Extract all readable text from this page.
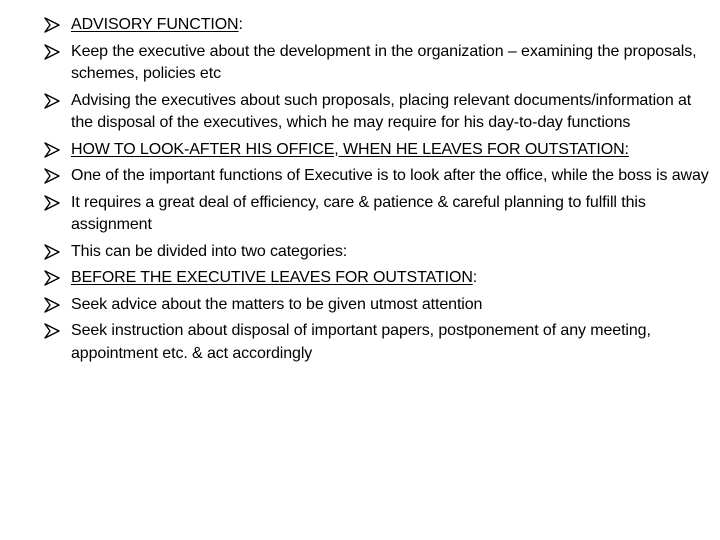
ADVISORY FUNCTION:
Keep the executive about the development in the organization – examining the proposals, schemes, policies etc
Advising the executives about such proposals, placing relevant documents/information at the disposal of the executives, which he may require for his day-to-day functions
HOW TO LOOK-AFTER HIS OFFICE, WHEN HE LEAVES FOR OUTSTATION:
One of the important functions of Executive is to look after the office, while the boss is away
It requires a great deal of efficiency, care & patience & careful planning to fulfill this assignment
This can be divided into two categories:
BEFORE THE EXECUTIVE LEAVES FOR OUTSTATION:
Seek advice about the matters to be given utmost attention
Seek instruction about disposal of important papers, postponement of any meeting, appointment etc. & act accordingly
